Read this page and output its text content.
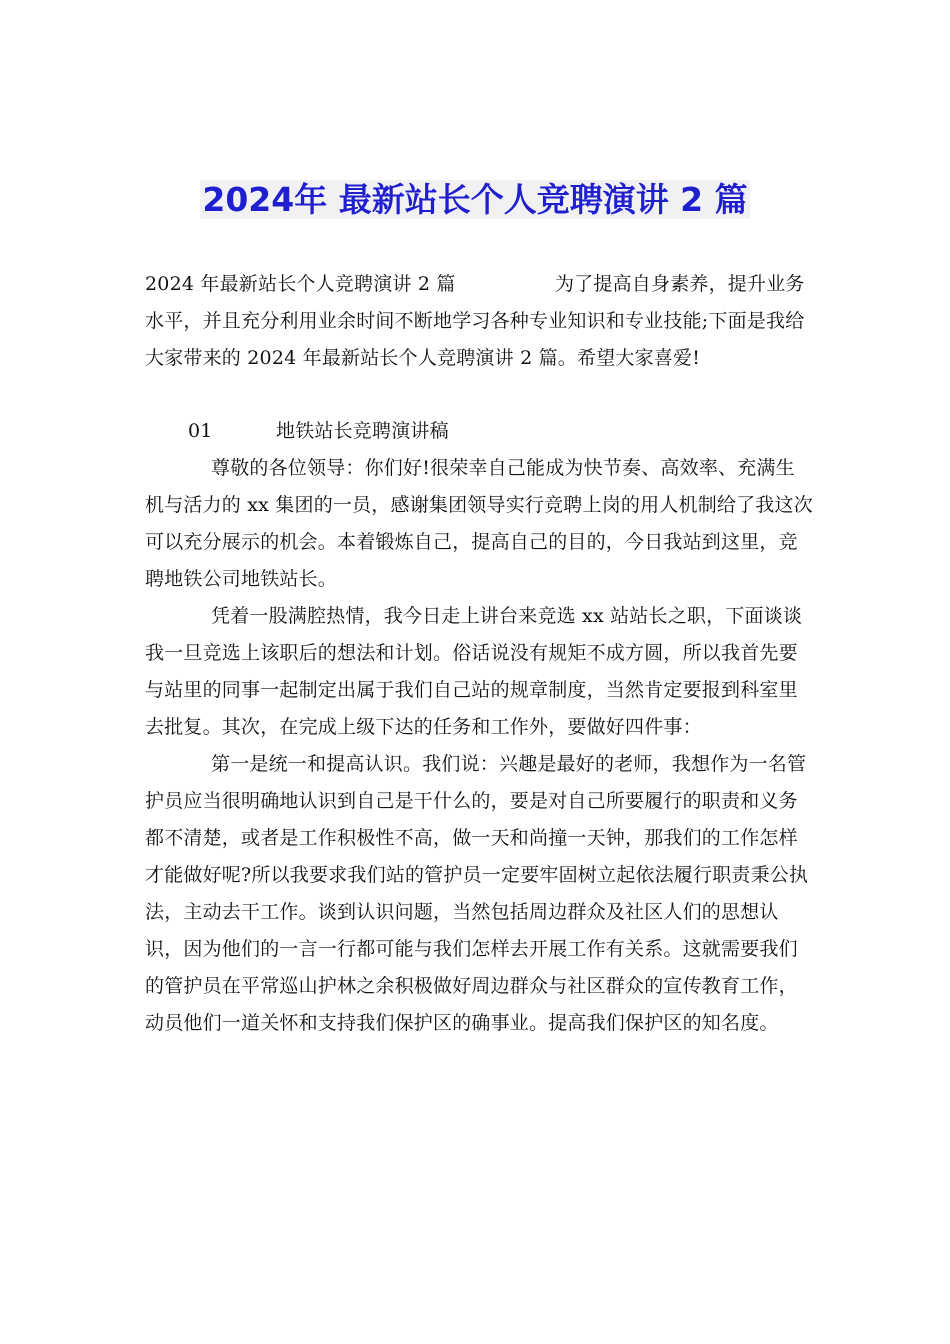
2024年 最新站长个人竞聘演讲 2 篇

2024 年最新站长个人竞聘演讲 2 篇	为了提高自身素养，提升业务水平，并且充分利用业余时间不断地学习各种专业知识和专业技能;下面是我给大家带来的 2024 年最新站长个人竞聘演讲 2 篇。希望大家喜爱!

01	地铁站长竞聘演讲稿

尊敬的各位领导：你们好!很荣幸自己能成为快节奏、高效率、充满生机与活力的 xx 集团的一员，感谢集团领导实行竞聘上岗的用人机制给了我这次可以充分展示的机会。本着锻炼自己，提高自己的目的，今日我站到这里，竞聘地铁公司地铁站长。

凭着一股满腔热情，我今日走上讲台来竞选 xx 站站长之职，下面谈谈我一旦竞选上该职后的想法和计划。俗话说没有规矩不成方圆，所以我首先要与站里的同事一起制定出属于我们自己站的规章制度，当然肯定要报到科室里去批复。其次，在完成上级下达的任务和工作外，要做好四件事：

第一是统一和提高认识。我们说：兴趣是最好的老师，我想作为一名管护员应当很明确地认识到自己是干什么的，要是对自己所要履行的职责和义务都不清楚，或者是工作积极性不高，做一天和尚撞一天钟，那我们的工作怎样才能做好呢?所以我要求我们站的管护员一定要牢固树立起依法履行职责秉公执法，主动去干工作。谈到认识问题，当然包括周边群众及社区人们的思想认识，因为他们的一言一行都可能与我们怎样去开展工作有关系。这就需要我们的管护员在平常巡山护林之余积极做好周边群众与社区群众的宣传教育工作，动员他们一道关怀和支持我们保护区的确事业。提高我们保护区的知名度。
